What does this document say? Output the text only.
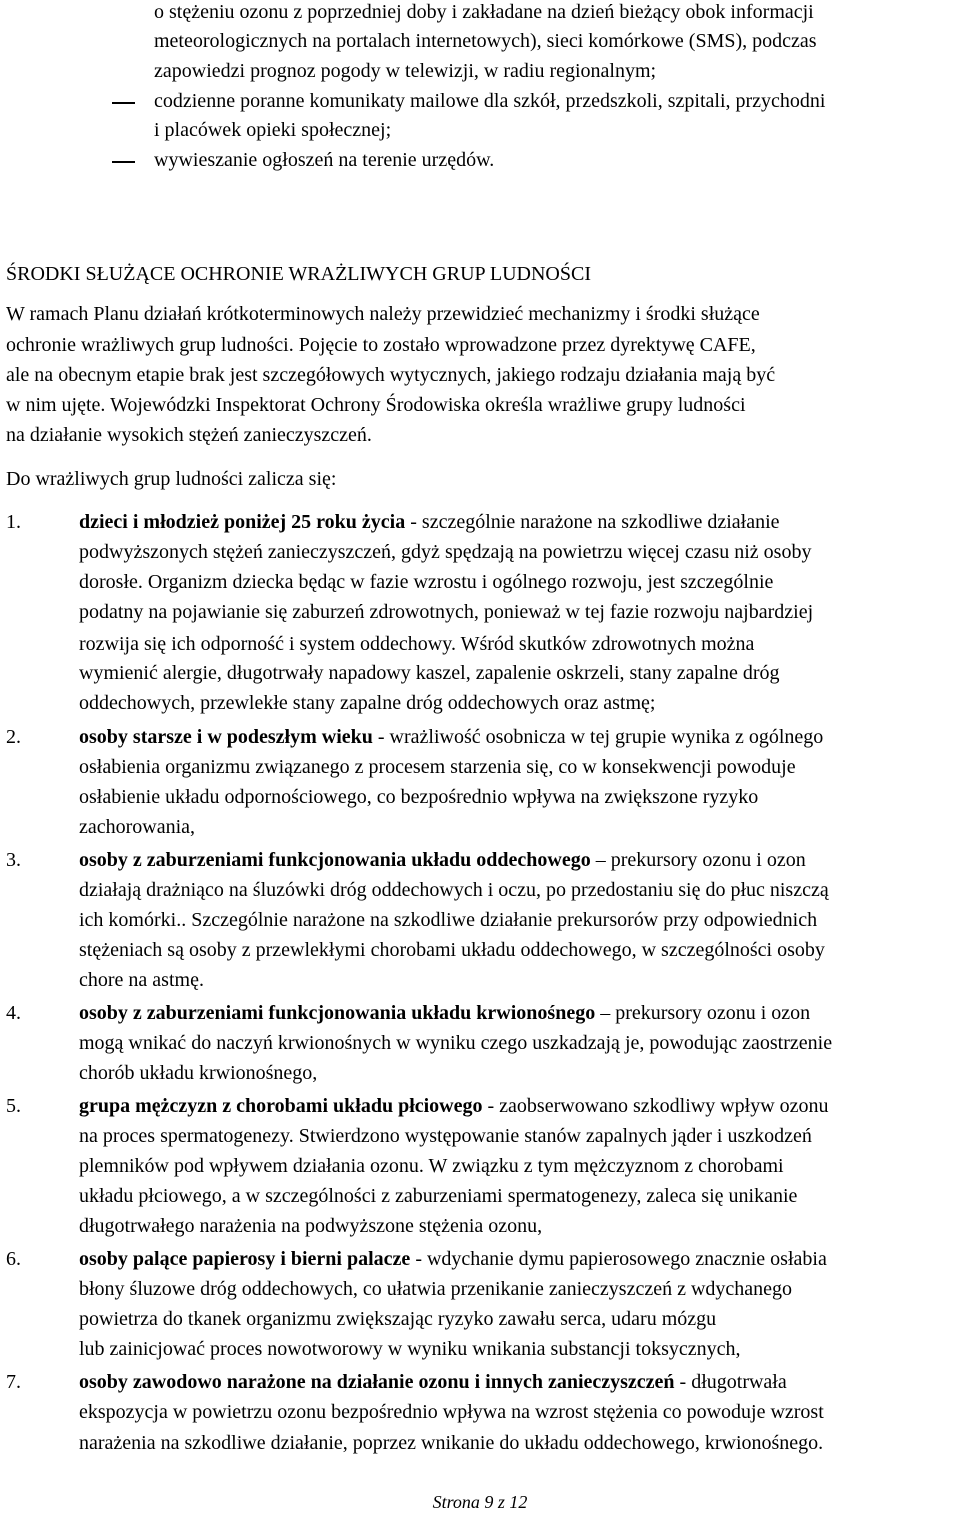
o stężeniu ozonu z poprzedniej doby i zakładane na dzień bieżący obok informacji
meteorologicznych na portalach internetowych), sieci komórkowe (SMS), podczas
zapowiedzi prognoz pogody w telewizji, w radiu regionalnym;
codzienne poranne komunikaty mailowe dla szkół, przedszkoli, szpitali, przychodni
i placówek opieki społecznej;
wywieszanie ogłoszeń na terenie urzędów.
ŚRODKI SŁUŻĄCE OCHRONIE WRAŻLIWYCH GRUP LUDNOŚCI
W ramach Planu działań krótkoterminowych należy przewidzieć mechanizmy i środki służące
ochronie wrażliwych grup ludności. Pojęcie to zostało wprowadzone przez dyrektywę CAFE,
ale na obecnym etapie brak jest szczegółowych wytycznych, jakiego rodzaju działania mają być
w nim ujęte. Wojewódzki Inspektorat Ochrony Środowiska określa wrażliwe grupy ludności
na działanie wysokich stężeń zanieczyszczeń.
Do wrażliwych grup ludności zalicza się:
1.	dzieci i młodzież poniżej 25 roku życia - szczególnie narażone na szkodliwe działanie
podwyższonych stężeń zanieczyszczeń, gdyż spędzają na powietrzu więcej czasu niż osoby
dorosłe. Organizm dziecka będąc w fazie wzrostu i ogólnego rozwoju, jest szczególnie
podatny na pojawianie się zaburzeń zdrowotnych, ponieważ w tej fazie rozwoju najbardziej
rozwija się ich odporność i system oddechowy. Wśród skutków zdrowotnych można
wymienić alergie, długotrwały napadowy kaszel, zapalenie oskrzeli, stany zapalne dróg
oddechowych, przewlekłe stany zapalne dróg oddechowych oraz astmę;
2.	osoby starsze i w podeszłym wieku - wrażliwość osobnicza w tej grupie wynika z ogólnego
osłabienia organizmu związanego z procesem starzenia się, co w konsekwencji powoduje
osłabienie układu odpornościowego, co bezpośrednio wpływa na zwiększone ryzyko
zachorowania,
3.	osoby z zaburzeniami funkcjonowania układu oddechowego – prekursory ozonu i ozon
działają drażniąco na śluzówki dróg oddechowych i oczu, po przedostaniu się do płuc niszczą
ich komórki.. Szczególnie narażone na szkodliwe działanie prekursorów przy odpowiednich
stężeniach są osoby z przewlekłymi chorobami układu oddechowego, w szczególności osoby
chore na astmę.
4.	osoby z zaburzeniami funkcjonowania układu krwionośnego – prekursory ozonu i ozon
mogą wnikać do naczyń krwionośnych w wyniku czego uszkadzają je, powodując zaostrzenie
chorób układu krwionośnego,
5.	grupa mężczyzn z chorobami układu płciowego - zaobserwowano szkodliwy wpływ ozonu
na proces spermatogenezy. Stwierdzono występowanie stanów zapalnych jąder i uszkodzeń
plemników pod wpływem działania ozonu. W związku z tym mężczyznom z chorobami
układu płciowego, a w szczególności z zaburzeniami spermatogenezy, zaleca się unikanie
długotrwałego narażenia na podwyższone stężenia ozonu,
6.	osoby palące papierosy i bierni palacze - wdychanie dymu papierosowego znacznie osłabia
błony śluzowe dróg oddechowych, co ułatwia przenikanie zanieczyszczeń z wdychanego
powietrza do tkanek organizmu zwiększając ryzyko zawału serca, udaru mózgu
lub zainicjować proces nowotworowy w wyniku wnikania substancji toksycznych,
7.	osoby zawodowo narażone na działanie ozonu i innych zanieczyszczeń - długotrwała
ekspozycja w powietrzu ozonu bezpośrednio wpływa na wzrost stężenia co powoduje wzrost
narażenia na szkodliwe działanie, poprzez wnikanie do układu oddechowego, krwionośnego.
Strona 9 z 12
